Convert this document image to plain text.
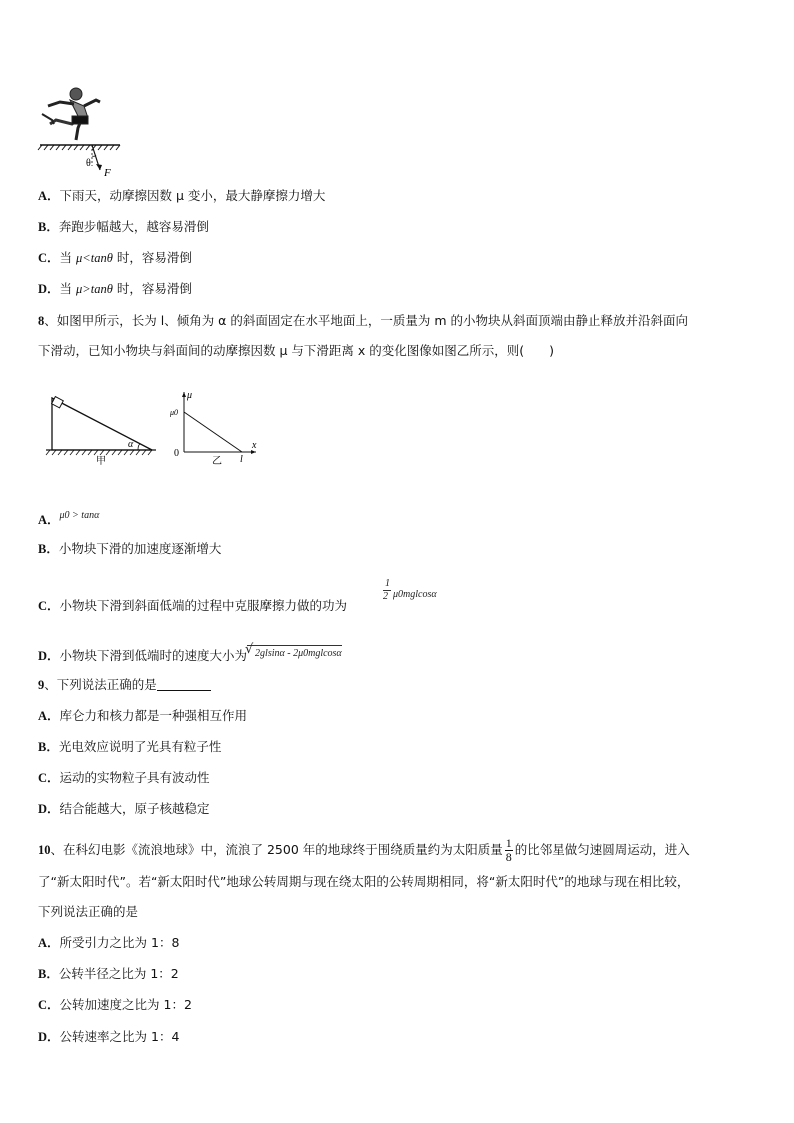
θ
F
A．下雨天，动摩擦因数 μ 变小，最大静摩擦力增大
B．奔跑步幅越大，越容易滑倒
C．当 μ<tanθ 时，容易滑倒
D．当 μ>tanθ 时，容易滑倒
8、如图甲所示，长为 l、倾角为 α 的斜面固定在水平地面上，一质量为 m 的小物块从斜面顶端由静止释放并沿斜面向
下滑动，已知小物块与斜面间的动摩擦因数 μ 与下滑距离 x 的变化图像如图乙所示，则(　　)
α
甲
μ
x
μ0
0
l
乙
A．$^{\mu 0 > tan\alpha}$
B．小物块下滑的加速度逐渐增大
C．小物块下滑到斜面低端的过程中克服摩擦力做的功为
1
2 μ0mglcosα
D．小物块下滑到低端时的速度大小为√ 2glsinα - 2μ0mglcosα
9、下列说法正确的是
A．库仑力和核力都是一种强相互作用
B．光电效应说明了光具有粒子性
C．运动的实物粒子具有波动性
D．结合能越大，原子核越稳定
10、在科幻电影《流浪地球》中，流浪了 2500 年的地球终于围绕质量约为太阳质量 $\frac{1}{8}$ 的比邻星做匀速圆周运动，进入
了“新太阳时代”。若“新太阳时代”地球公转周期与现在绕太阳的公转周期相同，将“新太阳时代”的地球与现在相比较，
下列说法正确的是
A．所受引力之比为 1：8
B．公转半径之比为 1：2
C．公转加速度之比为 1：2
D．公转速率之比为 1：4
